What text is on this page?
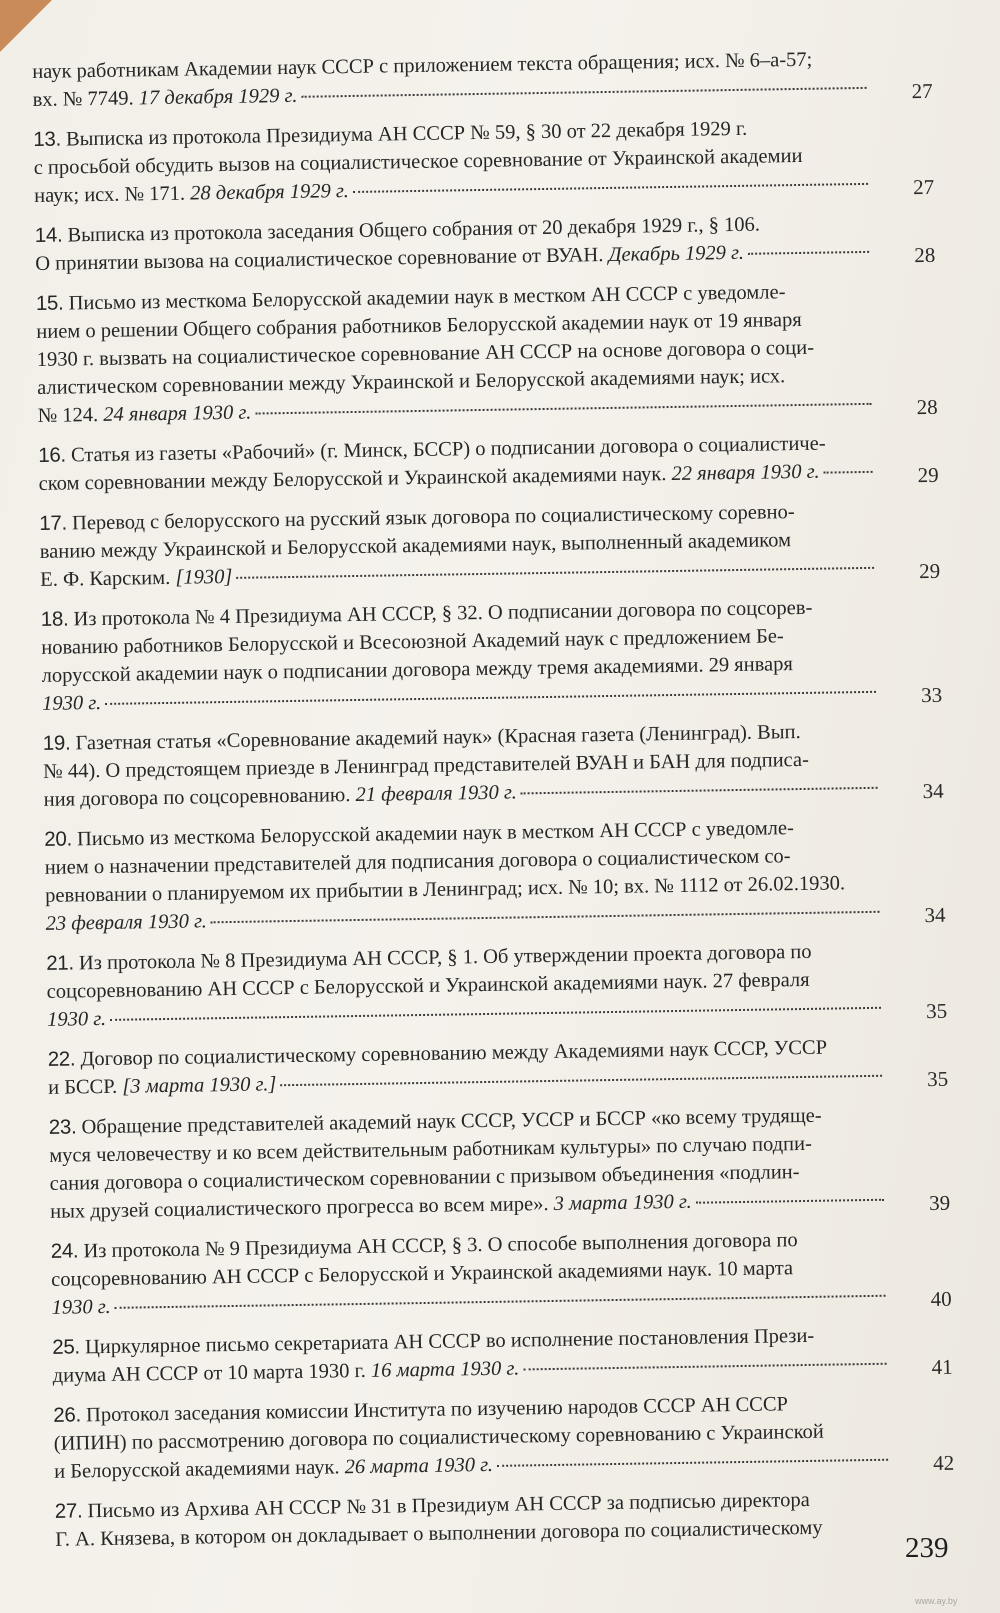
наук работникам Академии наук СССР с приложением текста обращения; исх. № 6–а-57;
вх. № 7749. 17 декабря 1929 г.	27
13. Выписка из протокола Президиума АН СССР № 59, § 30 от 22 декабря 1929 г.
с просьбой обсудить вызов на социалистическое соревнование от Украинской академии
наук; исх. № 171. 28 декабря 1929 г.	27
14. Выписка из протокола заседания Общего собрания от 20 декабря 1929 г., § 106.
О принятии вызова на социалистическое соревнование от ВУАН. Декабрь 1929 г.	28
15. Письмо из месткома Белорусской академии наук в местком АН СССР с уведомле-
нием о решении Общего собрания работников Белорусской академии наук от 19 января
1930 г. вызвать на социалистическое соревнование АН СССР на основе договора о соци-
алистическом соревновании между Украинской и Белорусской академиями наук; исх.
№ 124. 24 января 1930 г.	28
16. Статья из газеты «Рабочий» (г. Минск, БССР) о подписании договора о социалистиче-
ском соревновании между Белорусской и Украинской академиями наук. 22 января 1930 г.	29
17. Перевод с белорусского на русский язык договора по социалистическому соревно-
ванию между Украинской и Белорусской академиями наук, выполненный академиком
Е. Ф. Карским. [1930]	29
18. Из протокола № 4 Президиума АН СССР, § 32. О подписании договора по соцсорев-
нованию работников Белорусской и Всесоюзной Академий наук с предложением Бе-
лорусской академии наук о подписании договора между тремя академиями. 29 января
1930 г.	33
19. Газетная статья «Соревнование академий наук» (Красная газета (Ленинград). Вып.
№ 44). О предстоящем приезде в Ленинград представителей ВУАН и БАН для подписа-
ния договора по соцсоревнованию. 21 февраля 1930 г.	34
20. Письмо из месткома Белорусской академии наук в местком АН СССР с уведомле-
нием о назначении представителей для подписания договора о социалистическом со-
ревновании о планируемом их прибытии в Ленинград; исх. № 10; вх. № 1112 от 26.02.1930.
23 февраля 1930 г.	34
21. Из протокола № 8 Президиума АН СССР, § 1. Об утверждении проекта договора по
соцсоревнованию АН СССР с Белорусской и Украинской академиями наук. 27 февраля
1930 г.	35
22. Договор по социалистическому соревнованию между Академиями наук СССР, УССР
и БССР. [3 марта 1930 г.]	35
23. Обращение представителей академий наук СССР, УССР и БССР «ко всему трудяще-
муся человечеству и ко всем действительным работникам культуры» по случаю подпи-
сания договора о социалистическом соревновании с призывом объединения «подлин-
ных друзей социалистического прогресса во всем мире». 3 марта 1930 г.	39
24. Из протокола № 9 Президиума АН СССР, § 3. О способе выполнения договора по
соцсоревнованию АН СССР с Белорусской и Украинской академиями наук. 10 марта
1930 г.	40
25. Циркулярное письмо секретариата АН СССР во исполнение постановления Прези-
диума АН СССР от 10 марта 1930 г. 16 марта 1930 г.	41
26. Протокол заседания комиссии Института по изучению народов СССР АН СССР
(ИПИН) по рассмотрению договора по социалистическому соревнованию с Украинской
и Белорусской академиями наук. 26 марта 1930 г.	42
27. Письмо из Архива АН СССР № 31 в Президиум АН СССР за подписью директора
Г. А. Князева, в котором он докладывает о выполнении договора по социалистическому	239
www.ay.by
